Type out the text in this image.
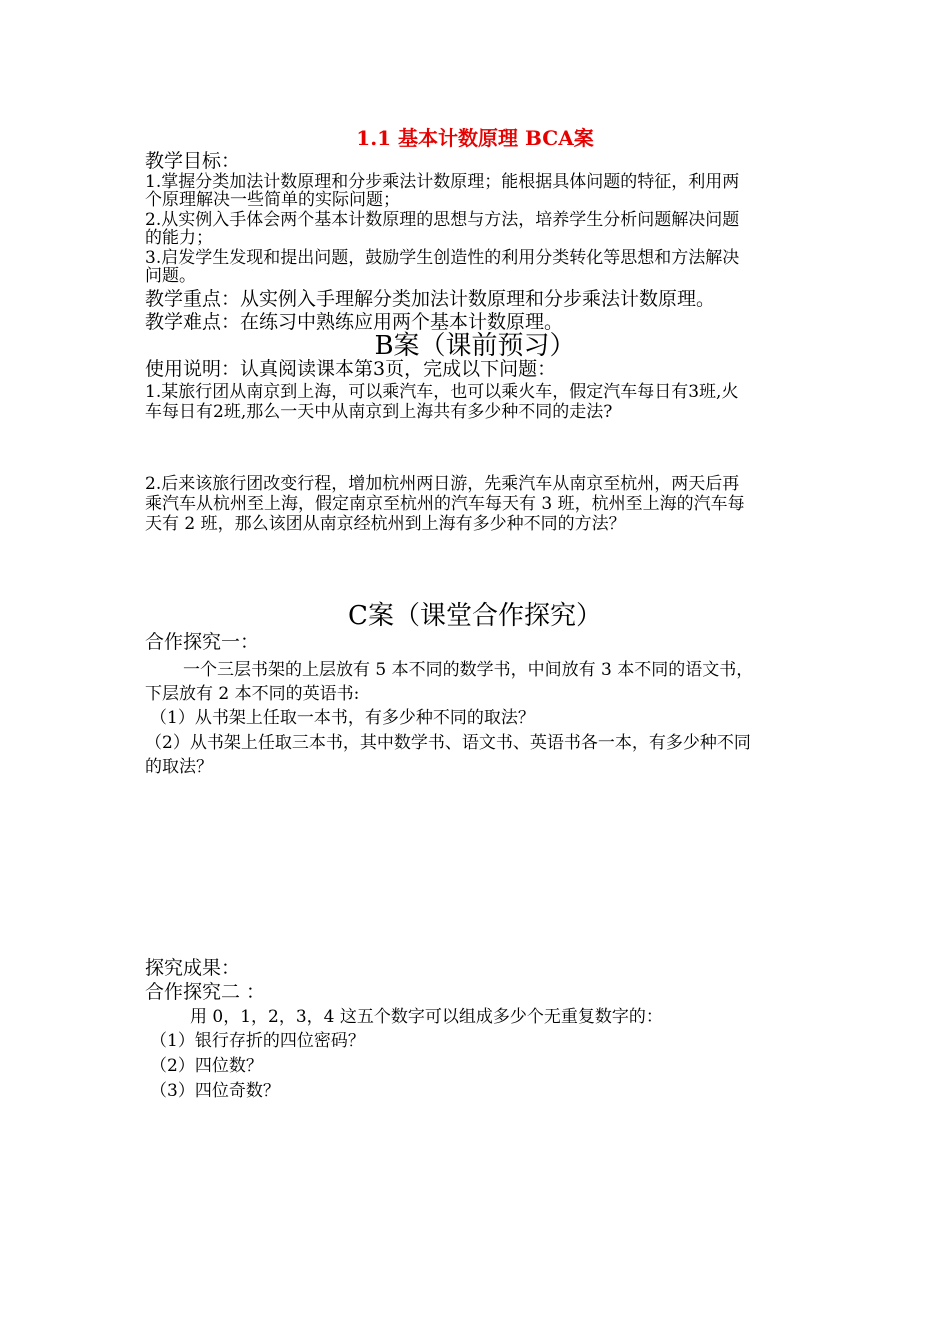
1.1 基本计数原理 BCA案
教学目标：
1.掌握分类加法计数原理和分步乘法计数原理；能根据具体问题的特征，利用两
个原理解决一些简单的实际问题；
2.从实例入手体会两个基本计数原理的思想与方法，培养学生分析问题解决问题
的能力；
3.启发学生发现和提出问题，鼓励学生创造性的利用分类转化等思想和方法解决
问题。
教学重点：从实例入手理解分类加法计数原理和分步乘法计数原理。
教学难点：在练习中熟练应用两个基本计数原理。
B案（课前预习）
使用说明：认真阅读课本第3页，完成以下问题：
1.某旅行团从南京到上海，可以乘汽车，也可以乘火车，假定汽车每日有3班,火
车每日有2班,那么一天中从南京到上海共有多少种不同的走法?
2.后来该旅行团改变行程，增加杭州两日游，先乘汽车从南京至杭州，两天后再
乘汽车从杭州至上海，假定南京至杭州的汽车每天有 3 班，杭州至上海的汽车每
天有 2 班，那么该团从南京经杭州到上海有多少种不同的方法？
C案（课堂合作探究）
合作探究一：
一个三层书架的上层放有 5 本不同的数学书，中间放有 3 本不同的语文书，
下层放有 2 本不同的英语书:
（1）从书架上任取一本书，有多少种不同的取法？
（2）从书架上任取三本书，其中数学书、语文书、英语书各一本，有多少种不同
的取法？
探究成果：
合作探究二 ：
用 0，1，2，3，4 这五个数字可以组成多少个无重复数字的：
（1）银行存折的四位密码？
（2）四位数？
（3）四位奇数？
